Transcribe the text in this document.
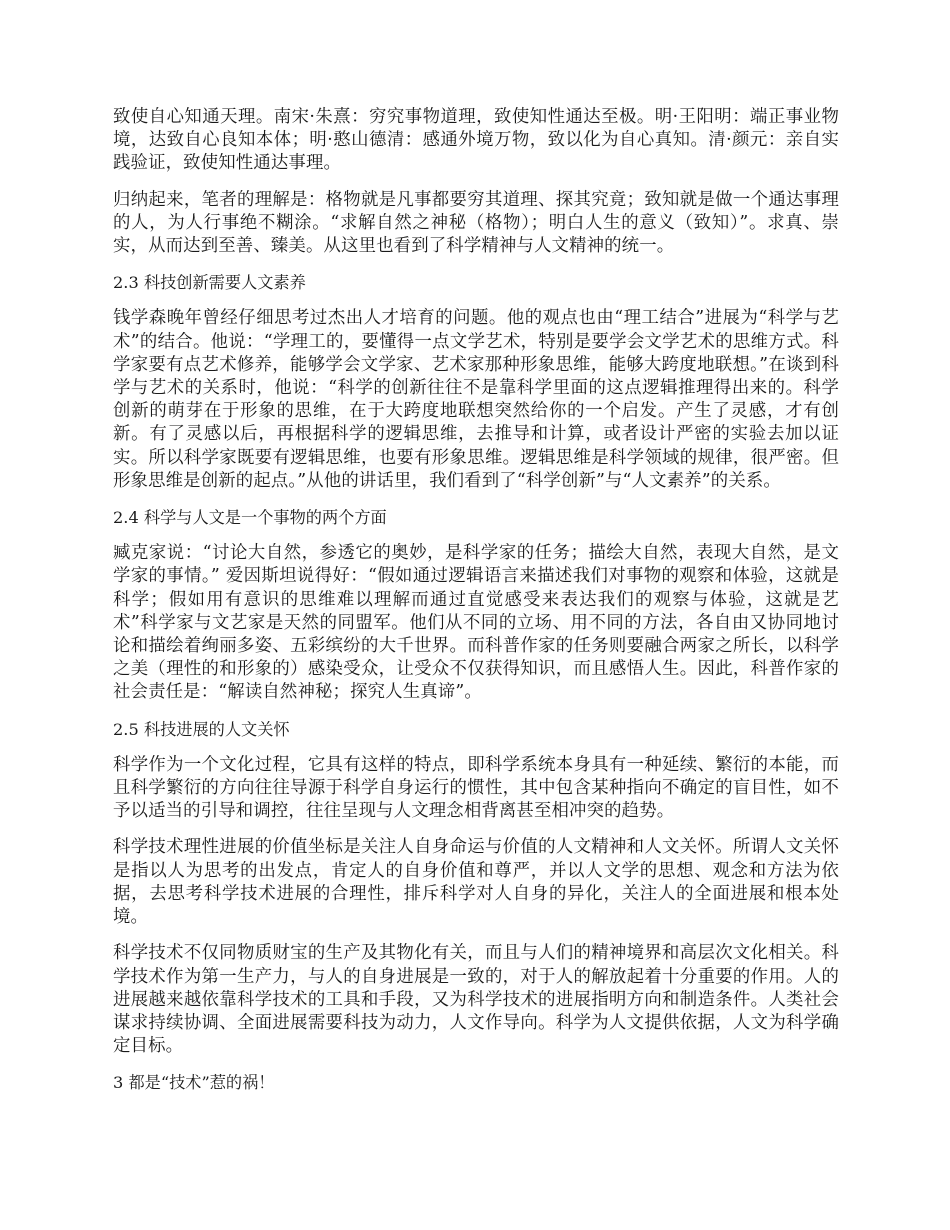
致使自心知通天理。南宋·朱熹：穷究事物道理，致使知性通达至极。明·王阳明：端正事业物境，达致自心良知本体；明·憨山德清：感通外境万物，致以化为自心真知。清·颜元：亲自实践验证，致使知性通达事理。

归纳起来，笔者的理解是：格物就是凡事都要穷其道理、探其究竟；致知就是做一个通达事理的人，为人行事绝不糊涂。“求解自然之神秘（格物）；明白人生的意义（致知）”。求真、崇实，从而达到至善、臻美。从这里也看到了科学精神与人文精神的统一。

2.3 科技创新需要人文素养

钱学森晚年曾经仔细思考过杰出人才培育的问题。他的观点也由“理工结合”进展为“科学与艺术”的结合。他说：“学理工的，要懂得一点文学艺术，特别是要学会文学艺术的思维方式。科学家要有点艺术修养，能够学会文学家、艺术家那种形象思维，能够大跨度地联想。”在谈到科学与艺术的关系时，他说：“科学的创新往往不是靠科学里面的这点逻辑推理得出来的。科学创新的萌芽在于形象的思维，在于大跨度地联想突然给你的一个启发。产生了灵感，才有创新。有了灵感以后，再根据科学的逻辑思维，去推导和计算，或者设计严密的实验去加以证实。所以科学家既要有逻辑思维，也要有形象思维。逻辑思维是科学领域的规律，很严密。但形象思维是创新的起点。”从他的讲话里，我们看到了“科学创新”与“人文素养”的关系。

2.4 科学与人文是一个事物的两个方面

臧克家说：“讨论大自然，参透它的奥妙，是科学家的任务；描绘大自然，表现大自然，是文学家的事情。” 爱因斯坦说得好：“假如通过逻辑语言来描述我们对事物的观察和体验，这就是科学；假如用有意识的思维难以理解而通过直觉感受来表达我们的观察与体验，这就是艺术”科学家与文艺家是天然的同盟军。他们从不同的立场、用不同的方法，各自由又协同地讨论和描绘着绚丽多姿、五彩缤纷的大千世界。而科普作家的任务则要融合两家之所长，以科学之美（理性的和形象的）感染受众，让受众不仅获得知识，而且感悟人生。因此，科普作家的社会责任是：“解读自然神秘；探究人生真谛”。

2.5 科技进展的人文关怀

科学作为一个文化过程，它具有这样的特点，即科学系统本身具有一种延续、繁衍的本能，而且科学繁衍的方向往往导源于科学自身运行的惯性，其中包含某种指向不确定的盲目性，如不予以适当的引导和调控，往往呈现与人文理念相背离甚至相冲突的趋势。

科学技术理性进展的价值坐标是关注人自身命运与价值的人文精神和人文关怀。所谓人文关怀是指以人为思考的出发点，肯定人的自身价值和尊严，并以人文学的思想、观念和方法为依据，去思考科学技术进展的合理性，排斥科学对人自身的异化，关注人的全面进展和根本处境。

科学技术不仅同物质财宝的生产及其物化有关，而且与人们的精神境界和高层次文化相关。科学技术作为第一生产力，与人的自身进展是一致的，对于人的解放起着十分重要的作用。人的进展越来越依靠科学技术的工具和手段，又为科学技术的进展指明方向和制造条件。人类社会谋求持续协调、全面进展需要科技为动力，人文作导向。科学为人文提供依据，人文为科学确定目标。

3 都是“技术”惹的祸！
